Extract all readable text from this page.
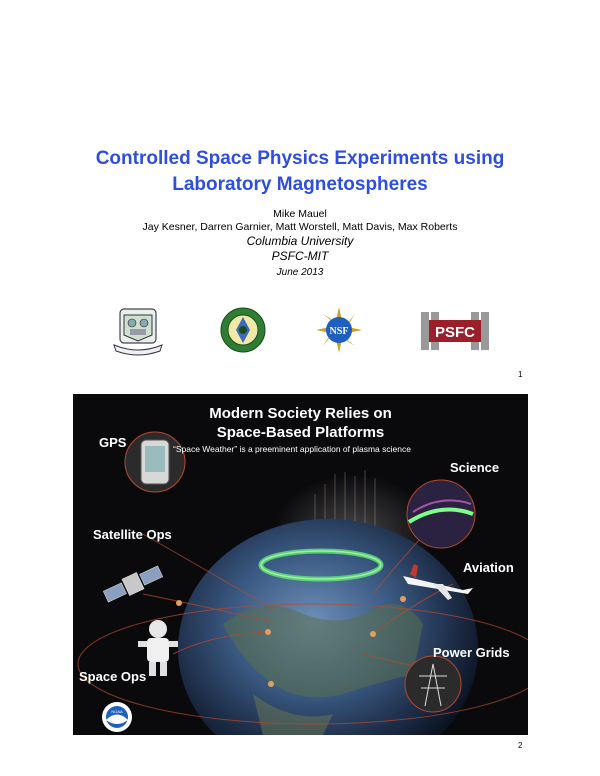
Controlled Space Physics Experiments using
Laboratory Magnetospheres
Mike Mauel
Jay Kesner, Darren Garnier, Matt Worstell, Matt Davis, Max Roberts
Columbia University
PSFC-MIT
June 2013
NSF	PSFC
1
NOAA
Modern Society Relies on
Space-Based Platforms
“Space Weather” is a preeminent application of plasma science
GPS
Satellite Ops
Space Ops
Science
Aviation
Power Grids
2
